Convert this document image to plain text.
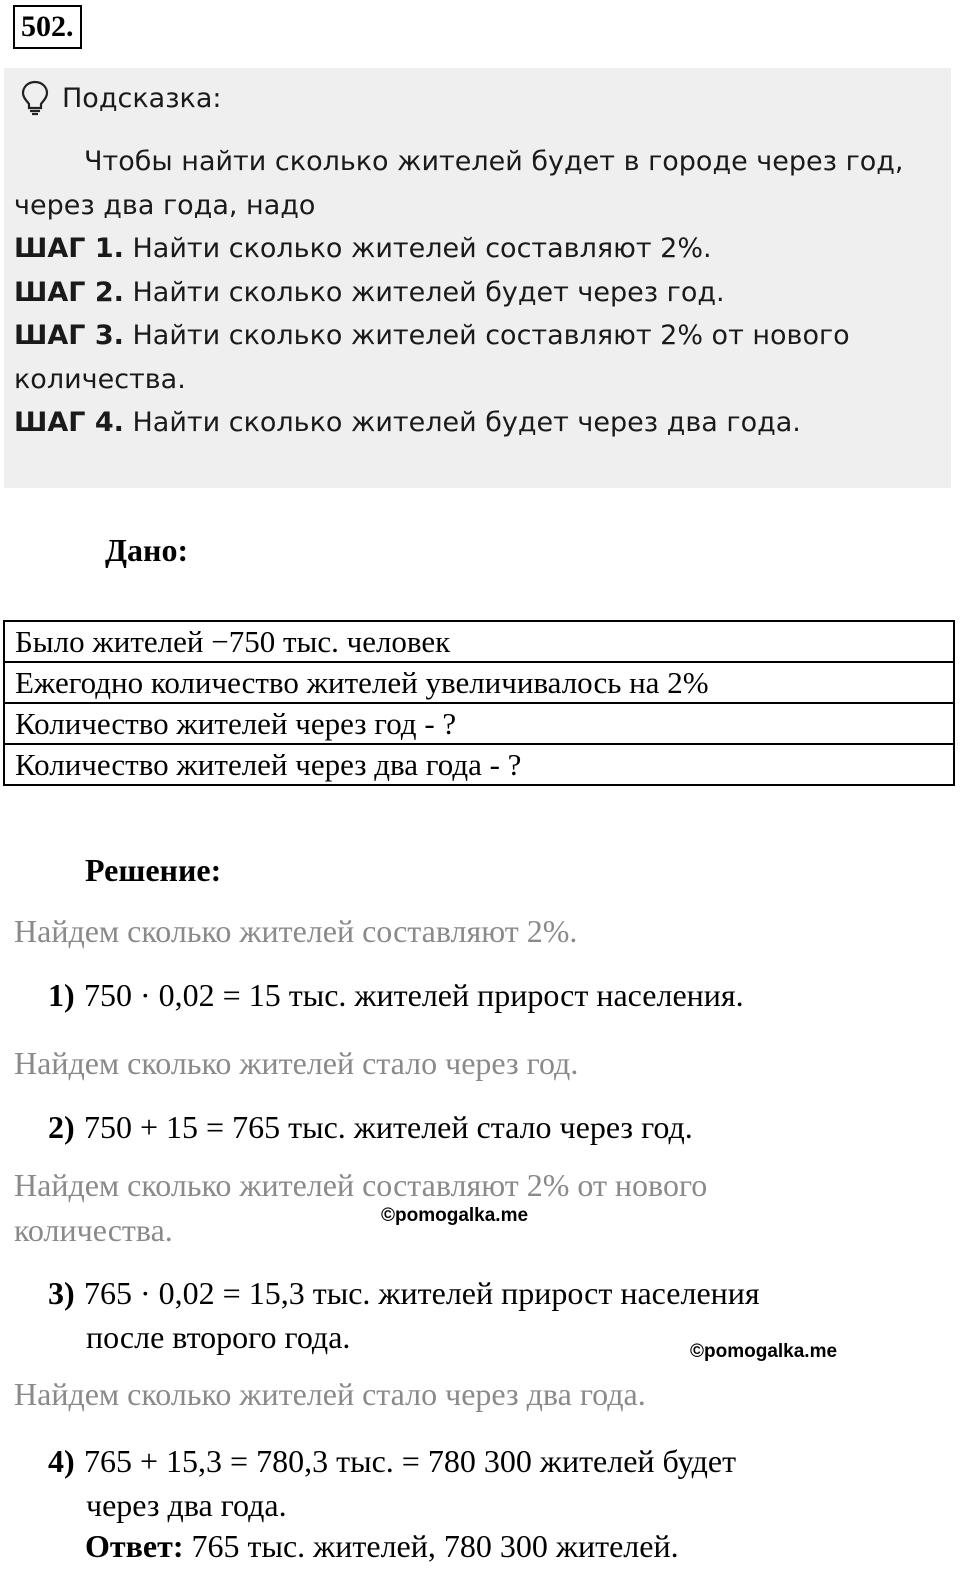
502.
Подсказка:

Чтобы найти сколько жителей будет в городе через год,

через два года, надо

ШАГ 1. Найти сколько жителей составляют 2%.

ШАГ 2. Найти сколько жителей будет через год.

ШАГ 3. Найти сколько жителей составляют 2% от нового

количества.

ШАГ 4. Найти сколько жителей будет через два года.

Дано:
Было жителей −750 тыс. человек
Ежегодно количество жителей увеличивалось на 2%
Количество жителей через год - ?
Количество жителей через два года - ?
Решение:
Найдем сколько жителей составляют 2%.
1) 750 · 0,02 = 15 тыс. жителей прирост населения.
Найдем сколько жителей стало через год.
2) 750 + 15 = 765 тыс. жителей стало через год.
Найдем сколько жителей составляют 2% от нового
количества.
3) 765 · 0,02 = 15,3 тыс. жителей прирост населения
после второго года.
Найдем сколько жителей стало через два года.
4) 765 + 15,3 = 780,3 тыс. = 780 300 жителей будет
через два года.
Ответ: 765 тыс. жителей, 780 300 жителей.
©pomogalka.me
©pomogalka.me
